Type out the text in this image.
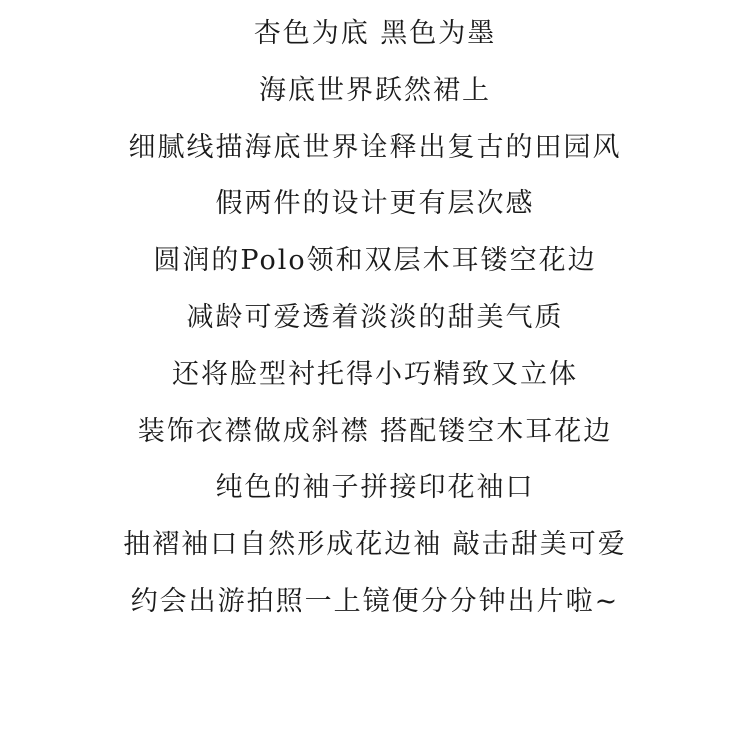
杏色为底 黑色为墨
海底世界跃然裙上
细腻线描海底世界诠释出复古的田园风
假两件的设计更有层次感
圆润的Polo领和双层木耳镂空花边
减龄可爱透着淡淡的甜美气质
还将脸型衬托得小巧精致又立体
装饰衣襟做成斜襟 搭配镂空木耳花边
纯色的袖子拼接印花袖口
抽褶袖口自然形成花边袖 敲击甜美可爱
约会出游拍照一上镜便分分钟出片啦~
